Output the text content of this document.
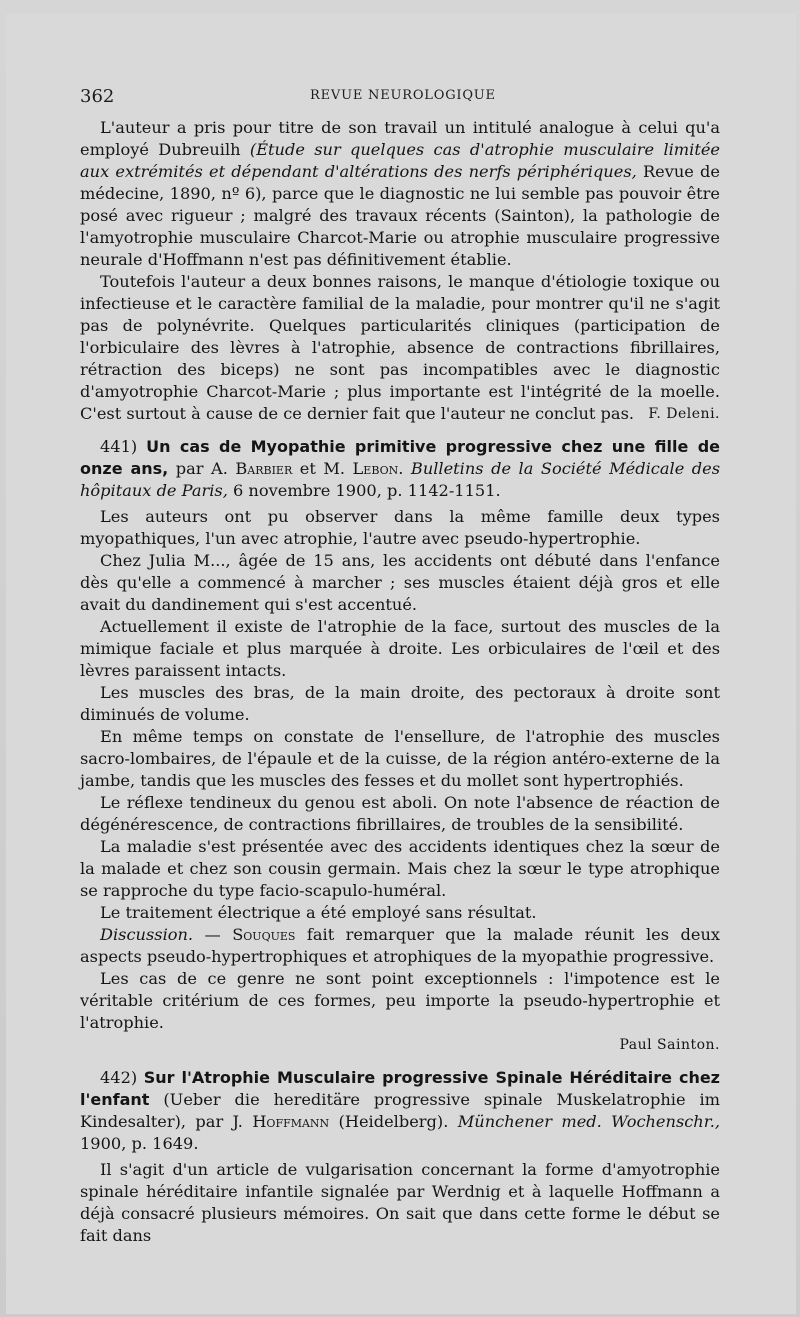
362	REVUE NEUROLOGIQUE

L'auteur a pris pour titre de son travail un intitulé analogue à celui qu'a employé Dubreuilh (Étude sur quelques cas d'atrophie musculaire limitée aux extrémités et dépendant d'altérations des nerfs périphériques, Revue de médecine, 1890, nº 6), parce que le diagnostic ne lui semble pas pouvoir être posé avec rigueur ; malgré des travaux récents (Sainton), la pathologie de l'amyotrophie musculaire Charcot-Marie ou atrophie musculaire progressive neurale d'Hoffmann n'est pas définitivement établie.

Toutefois l'auteur a deux bonnes raisons, le manque d'étiologie toxique ou infectieuse et le caractère familial de la maladie, pour montrer qu'il ne s'agit pas de polynévrite. Quelques particularités cliniques (participation de l'orbiculaire des lèvres à l'atrophie, absence de contractions fibrillaires, rétraction des biceps) ne sont pas incompatibles avec le diagnostic d'amyotrophie Charcot-Marie ; plus importante est l'intégrité de la moelle. C'est surtout à cause de ce dernier fait que l'auteur ne conclut pas.	F. Deleni.

441) Un cas de Myopathie primitive progressive chez une fille de onze ans, par A. Barbier et M. Lebon. Bulletins de la Société Médicale des hôpitaux de Paris, 6 novembre 1900, p. 1142-1151.

Les auteurs ont pu observer dans la même famille deux types myopathiques, l'un avec atrophie, l'autre avec pseudo-hypertrophie.

Chez Julia M..., âgée de 15 ans, les accidents ont débuté dans l'enfance dès qu'elle a commencé à marcher ; ses muscles étaient déjà gros et elle avait du dandinement qui s'est accentué.

Actuellement il existe de l'atrophie de la face, surtout des muscles de la mimique faciale et plus marquée à droite. Les orbiculaires de l'œil et des lèvres paraissent intacts.

Les muscles des bras, de la main droite, des pectoraux à droite sont diminués de volume.

En même temps on constate de l'ensellure, de l'atrophie des muscles sacro-lombaires, de l'épaule et de la cuisse, de la région antéro-externe de la jambe, tandis que les muscles des fesses et du mollet sont hypertrophiés.

Le réflexe tendineux du genou est aboli. On note l'absence de réaction de dégénérescence, de contractions fibrillaires, de troubles de la sensibilité.

La maladie s'est présentée avec des accidents identiques chez la sœur de la malade et chez son cousin germain. Mais chez la sœur le type atrophique se rapproche du type facio-scapulo-huméral.

Le traitement électrique a été employé sans résultat.

Discussion. — Souques fait remarquer que la malade réunit les deux aspects pseudo-hypertrophiques et atrophiques de la myopathie progressive.

Les cas de ce genre ne sont point exceptionnels : l'impotence est le véritable critérium de ces formes, peu importe la pseudo-hypertrophie et l'atrophie.

Paul Sainton.

442) Sur l'Atrophie Musculaire progressive Spinale Héréditaire chez l'enfant (Ueber die hereditäre progressive spinale Muskelatrophie im Kindesalter), par J. Hoffmann (Heidelberg). Münchener med. Wochenschr., 1900, p. 1649.

Il s'agit d'un article de vulgarisation concernant la forme d'amyotrophie spinale héréditaire infantile signalée par Werdnig et à laquelle Hoffmann a déjà consacré plusieurs mémoires. On sait que dans cette forme le début se fait dans
